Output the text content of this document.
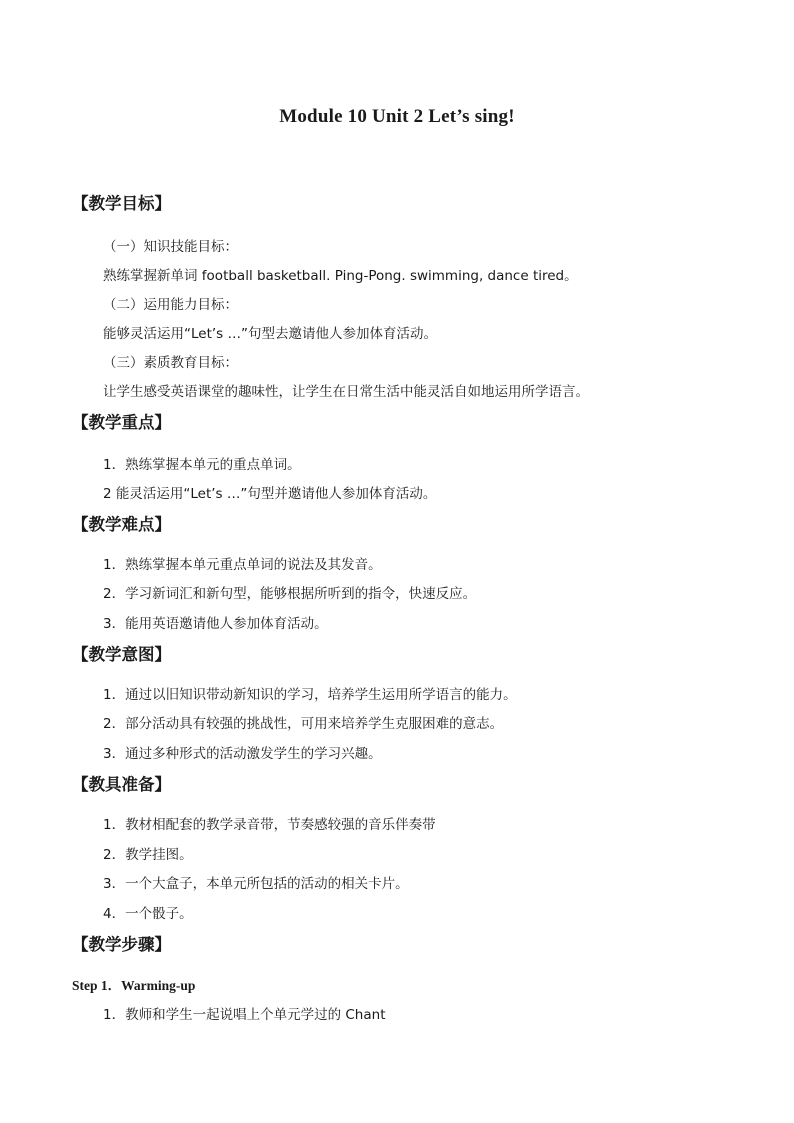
Module 10 Unit 2 Let’s sing!
【教学目标】
（一）知识技能目标：
熟练掌握新单词 football basketball. Ping-Pong. swimming, dance tired。
（二）运用能力目标：
能够灵活运用“Let’s …”句型去邀请他人参加体育活动。
（三）素质教育目标：
让学生感受英语课堂的趣味性，让学生在日常生活中能灵活自如地运用所学语言。
【教学重点】
1．熟练掌握本单元的重点单词。
2 能灵活运用“Let’s …”句型并邀请他人参加体育活动。
【教学难点】
1．熟练掌握本单元重点单词的说法及其发音。
2．学习新词汇和新句型，能够根据所听到的指令，快速反应。
3．能用英语邀请他人参加体育活动。
【教学意图】
1．通过以旧知识带动新知识的学习，培养学生运用所学语言的能力。
2．部分活动具有较强的挑战性，可用来培养学生克服困难的意志。
3．通过多种形式的活动激发学生的学习兴趣。
【教具准备】
1．教材相配套的教学录音带，节奏感较强的音乐伴奏带
2．教学挂图。
3．一个大盒子，本单元所包括的活动的相关卡片。
4．一个骰子。
【教学步骤】
Step 1．Warming-up
1．教师和学生一起说唱上个单元学过的 Chant
